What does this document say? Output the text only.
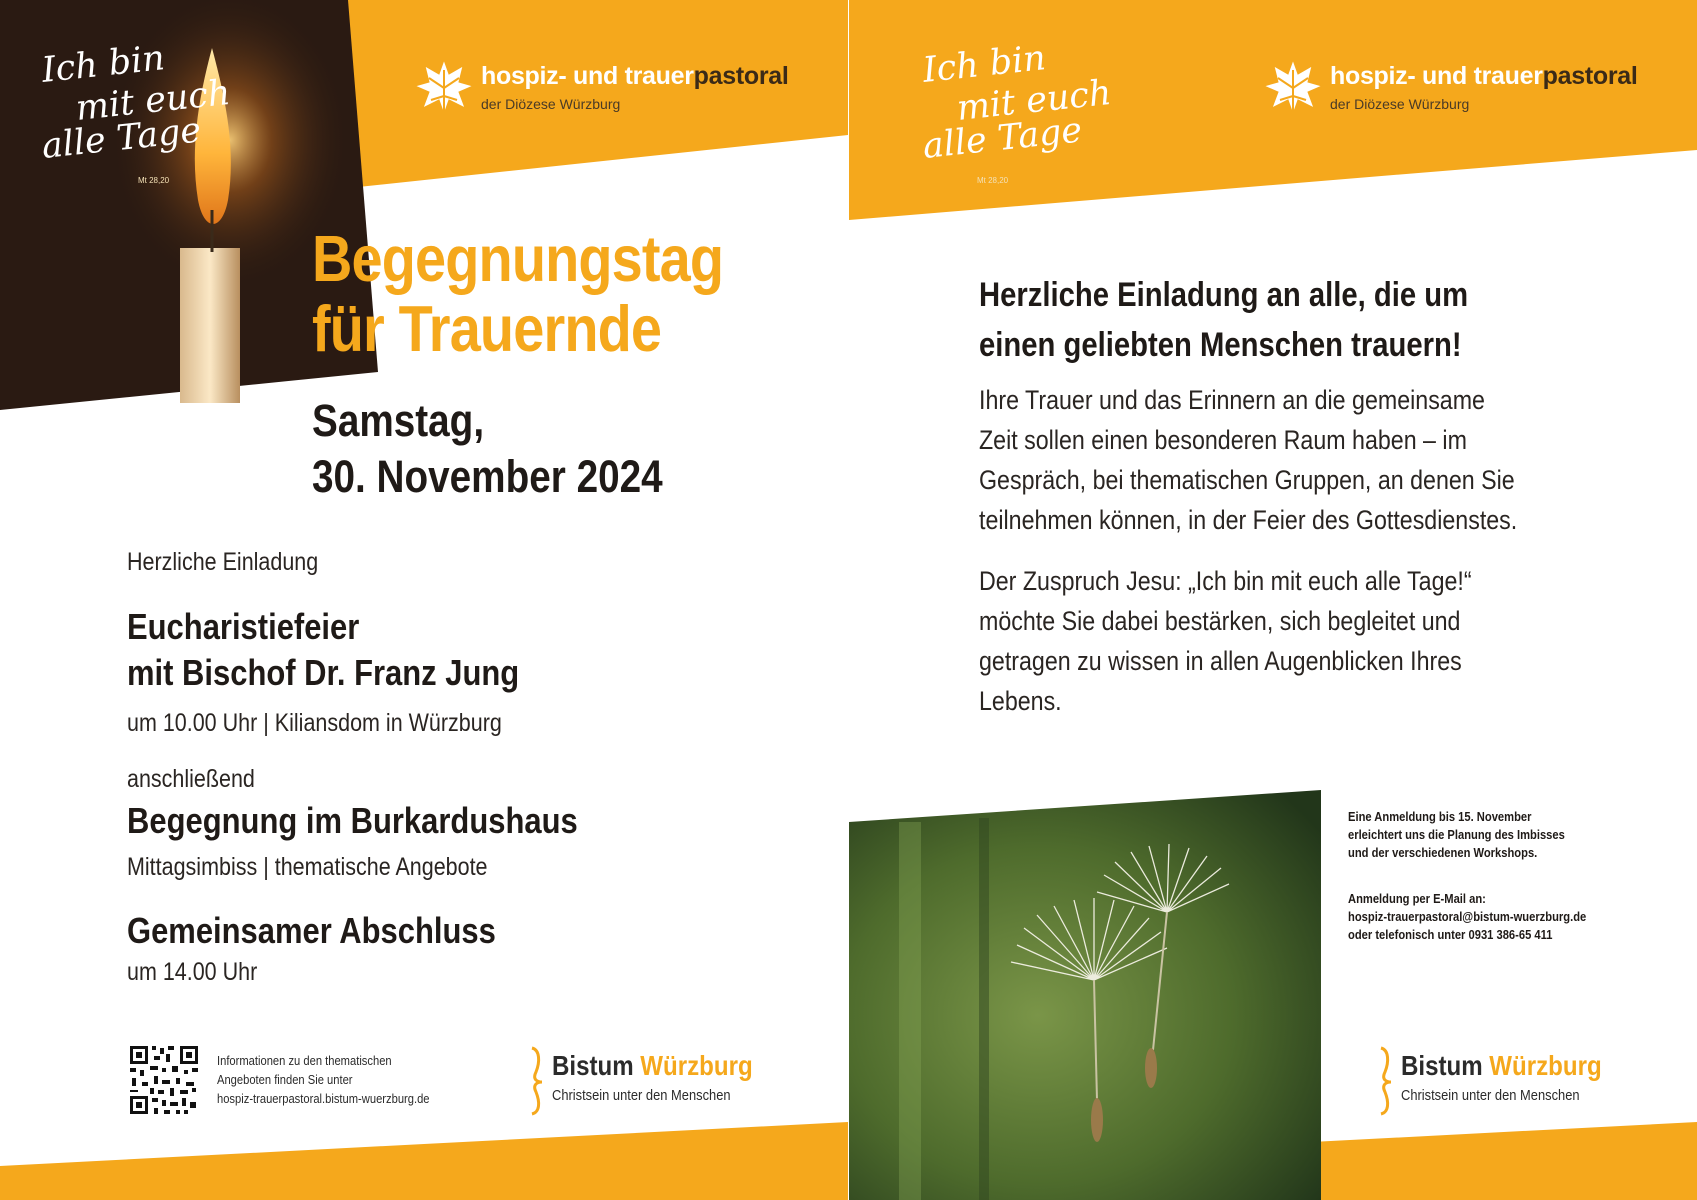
Ich bin
mit euch
alle Tage
Mt 28,20
hospiz- und trauerpastoral
der Diözese Würzburg
Begegnungstag
für Trauernde
Samstag,
30. November 2024
Herzliche Einladung
Eucharistiefeier
mit Bischof Dr. Franz Jung
um 10.00 Uhr | Kiliansdom in Würzburg
anschließend
Begegnung im Burkardushaus
Mittagsimbiss | thematische Angebote
Gemeinsamer Abschluss
um 14.00 Uhr
Informationen zu den thematischen
Angeboten finden Sie unter
hospiz-trauerpastoral.bistum-wuerzburg.de
Bistum Würzburg
Christsein unter den Menschen
Ich bin
mit euch
alle Tage
Mt 28,20
hospiz- und trauerpastoral
der Diözese Würzburg
Herzliche Einladung an alle, die um
einen geliebten Menschen trauern!
Ihre Trauer und das Erinnern an die gemeinsame
Zeit sollen einen besonderen Raum haben – im
Gespräch, bei thematischen Gruppen, an denen Sie
teilnehmen können, in der Feier des Gottesdienstes.
Der Zuspruch Jesu: „Ich bin mit euch alle Tage!“
möchte Sie dabei bestärken, sich begleitet und
getragen zu wissen in allen Augenblicken Ihres
Lebens.
Eine Anmeldung bis 15. November
erleichtert uns die Planung des Imbisses
und der verschiedenen Workshops.
Anmeldung per E-Mail an:
hospiz-trauerpastoral@bistum-wuerzburg.de
oder telefonisch unter 0931 386-65 411
Bistum Würzburg
Christsein unter den Menschen
